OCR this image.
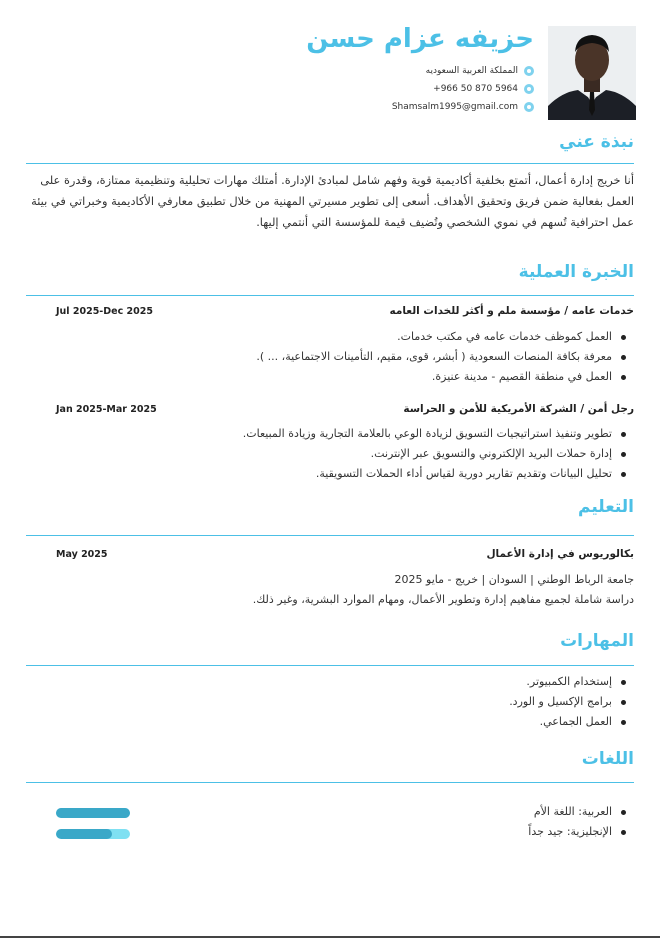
حزيفه عزام حسن
المملكة العربية السعوديه
+966 50 870 5964
Shamsalm1995@gmail.com
نبذة عني
أنا خريج إدارة أعمال، أتمتع بخلفية أكاديمية قوية وفهم شامل لمبادئ الإدارة. أمتلك مهارات تحليلية وتنظيمية ممتازة، وقدرة على العمل بفعالية ضمن فريق وتحقيق الأهداف. أسعى إلى تطوير مسيرتي المهنية من خلال تطبيق معارفي الأكاديمية وخبراتي في بيئة عمل احترافية تُسهم في نموي الشخصي وتُضيف قيمة للمؤسسة التي أنتمي إليها.
الخبرة العملية
خدمات عامه / مؤسسة ملم و أكثر للخدات العامه
Jul 2025-Dec 2025
العمل كموظف خدمات عامه في مكتب خدمات.
معرفة بكافة المنصات السعودية ( أبشر، قوى، مقيم، التأمينات الاجتماعية، ... ).
العمل في منطقة القصيم - مدينة عنيزة.
رجل أمن / الشركة الأمريكية للأمن و الحراسة
Jan 2025-Mar 2025
تطوير وتنفيذ استراتيجيات التسويق لزيادة الوعي بالعلامة التجارية وزيادة المبيعات.
إدارة حملات البريد الإلكتروني والتسويق عبر الإنترنت.
تحليل البيانات وتقديم تقارير دورية لقياس أداء الحملات التسويقية.
التعليم
بكالوريوس في إدارة الأعمال
May 2025
جامعة الرباط الوطني | السودان | خريج - مايو 2025
دراسة شاملة لجميع مفاهيم إدارة وتطوير الأعمال، ومهام الموارد البشرية، وغير ذلك.
المهارات
إستخدام الكمبيوتر.
برامج الإكسيل و الورد.
العمل الجماعي.
اللغات
العربية: اللغة الأم
الإنجليزية: جيد جداً
